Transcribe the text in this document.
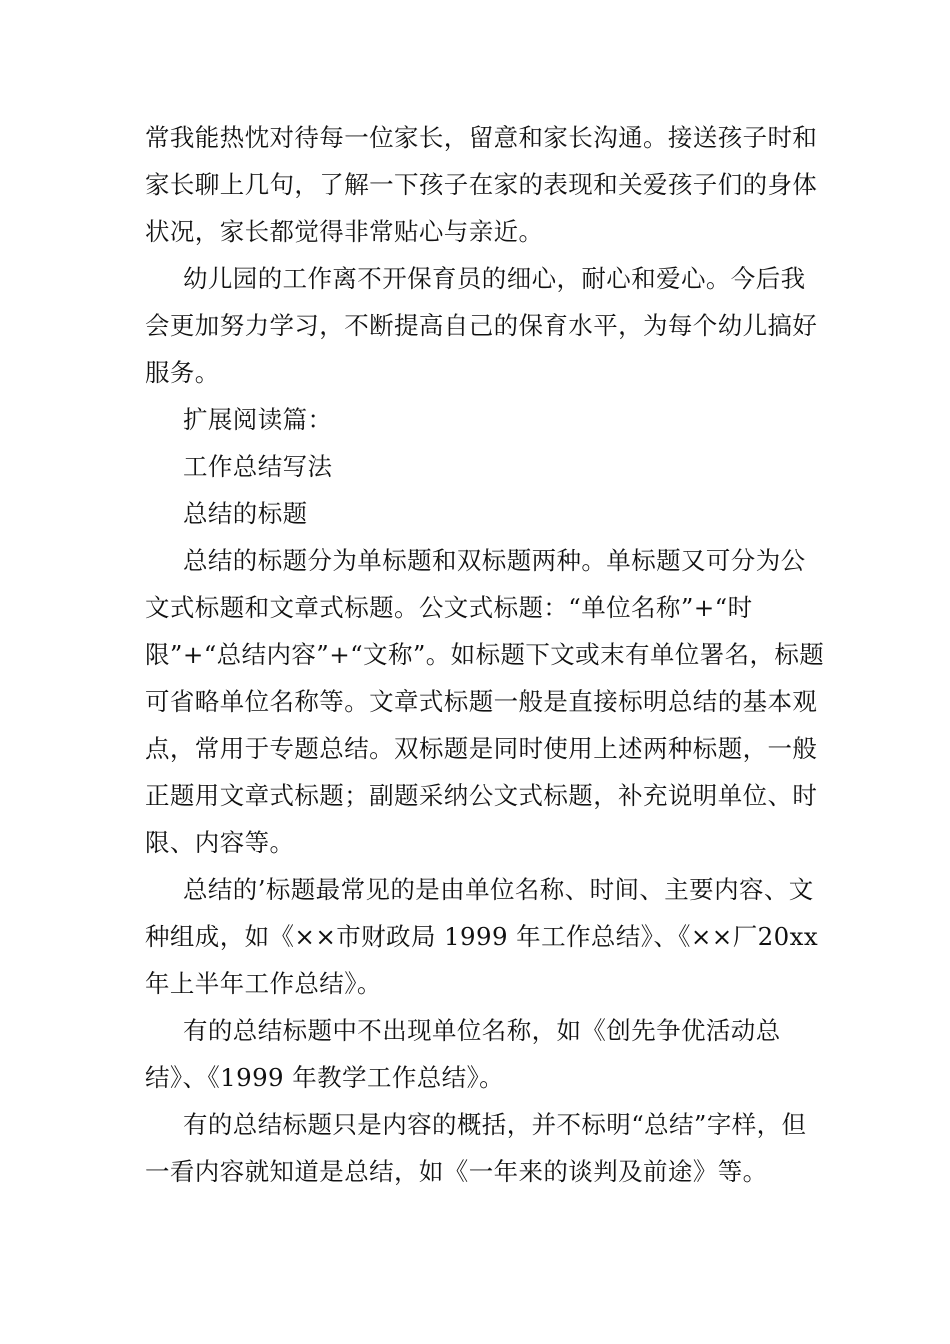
常我能热忱对待每一位家长，留意和家长沟通。接送孩子时和家长聊上几句，了解一下孩子在家的表现和关爱孩子们的身体状况，家长都觉得非常贴心与亲近。

幼儿园的工作离不开保育员的细心，耐心和爱心。今后我会更加努力学习，不断提高自己的保育水平，为每个幼儿搞好服务。

扩展阅读篇：

工作总结写法

总结的标题

总结的标题分为单标题和双标题两种。单标题又可分为公文式标题和文章式标题。公文式标题：“单位名称”+“时限”+“总结内容”+“文称”。如标题下文或末有单位署名，标题可省略单位名称等。文章式标题一般是直接标明总结的基本观点，常用于专题总结。双标题是同时使用上述两种标题，一般正题用文章式标题；副题采纳公文式标题，补充说明单位、时限、内容等。

总结的’标题最常见的是由单位名称、时间、主要内容、文种组成，如《××市财政局 1999 年工作总结》、《××厂20xx 年上半年工作总结》。

有的总结标题中不出现单位名称，如《创先争优活动总结》、《1999 年教学工作总结》。

有的总结标题只是内容的概括，并不标明“总结”字样，但一看内容就知道是总结，如《一年来的谈判及前途》等。
